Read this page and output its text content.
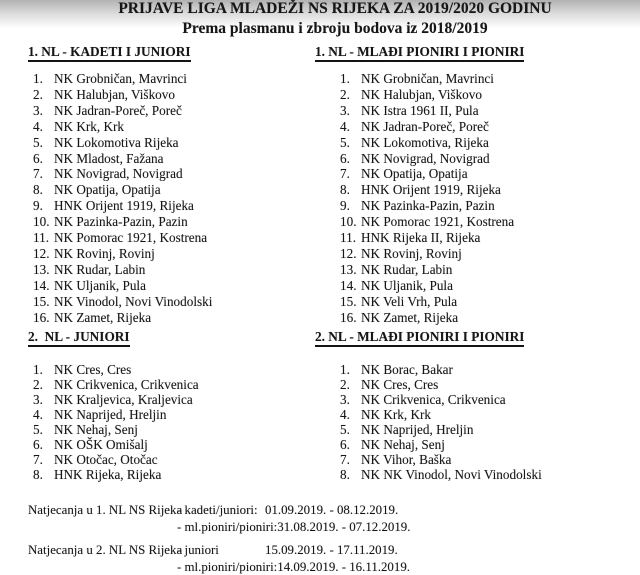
PRIJAVE LIGA MLADEŽI NS RIJEKA ZA 2019/2020 GODINU
Prema plasmanu i zbroju bodova iz 2018/2019
1. NL - KADETI I JUNIORI
1. NK Grobničan, Mavrinci
2. NK Halubjan, Viškovo
3. NK Jadran-Poreč, Poreč
4. NK Krk, Krk
5. NK Lokomotiva Rijeka
6. NK Mladost, Fažana
7. NK Novigrad, Novigrad
8. NK Opatija, Opatija
9. HNK Orijent 1919, Rijeka
10. NK Pazinka-Pazin, Pazin
11. NK Pomorac 1921, Kostrena
12. NK Rovinj, Rovinj
13. NK Rudar, Labin
14. NK Uljanik, Pula
15. NK Vinodol, Novi Vinodolski
16. NK Zamet, Rijeka
2.  NL - JUNIORI
1. NK Cres, Cres
2. NK Crikvenica, Crikvenica
3. NK Kraljevica, Kraljevica
4. NK Naprijed, Hreljin
5. NK Nehaj, Senj
6. NK OŠK Omišalj
7. NK Otočac, Otočac
8. HNK Rijeka, Rijeka
1. NL - MLAĐI PIONIRI I PIONIRI
1. NK Grobničan, Mavrinci
2. NK Halubjan, Viškovo
3. NK Istra 1961 II, Pula
4. NK Jadran-Poreč, Poreč
5. NK Lokomotiva, Rijeka
6. NK Novigrad, Novigrad
7. NK Opatija, Opatija
8. HNK Orijent 1919, Rijeka
9. NK Pazinka-Pazin, Pazin
10. NK Pomorac 1921, Kostrena
11. HNK Rijeka II, Rijeka
12. NK Rovinj, Rovinj
13. NK Rudar, Labin
14. NK Uljanik, Pula
15. NK Veli Vrh, Pula
16. NK Zamet, Rijeka
2. NL - MLAĐI PIONIRI I PIONIRI
1. NK Borac, Bakar
2. NK Cres, Cres
3. NK Crikvenica, Crikvenica
4. NK Krk, Krk
5. NK Naprijed, Hreljin
6. NK Nehaj, Senj
7. NK Vihor, Baška
8. NK NK Vinodol, Novi Vinodolski
Natjecanja u 1. NL NS Rijeka
- kadeti/juniori: 01.09.2019. - 08.12.2019.
- ml.pioniri/pioniri: 31.08.2019. - 07.12.2019.
Natjecanja u 2. NL NS Rijeka
- juniori	15.09.2019. - 17.11.2019.
- ml.pioniri/pioniri: 14.09.2019. - 16.11.2019.
